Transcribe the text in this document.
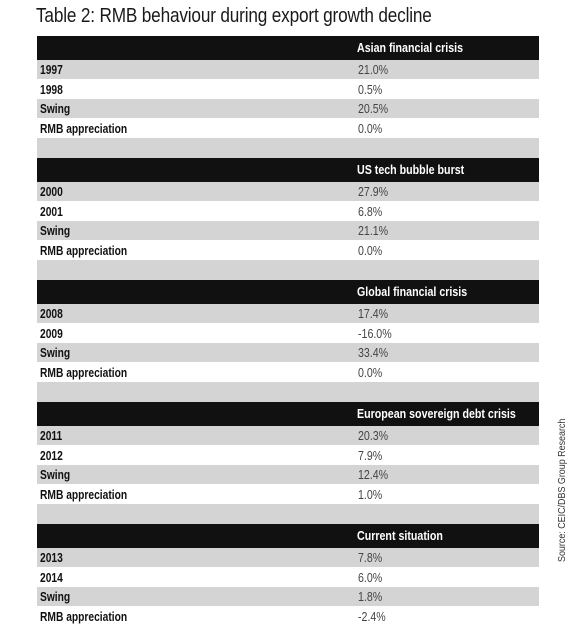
Table 2: RMB behaviour during export growth decline
Asian financial crisis
1997	21.0%
1998	0.5%
Swing	20.5%
RMB appreciation	0.0%
US tech bubble burst
2000	27.9%
2001	6.8%
Swing	21.1%
RMB appreciation	0.0%
Global financial crisis
2008	17.4%
2009	-16.0%
Swing	33.4%
RMB appreciation	0.0%
European sovereign debt crisis
2011	20.3%
2012	7.9%
Swing	12.4%
RMB appreciation	1.0%
Current situation
2013	7.8%
2014	6.0%
Swing	1.8%
RMB appreciation	-2.4%
Source: CEIC/DBS Group Research
